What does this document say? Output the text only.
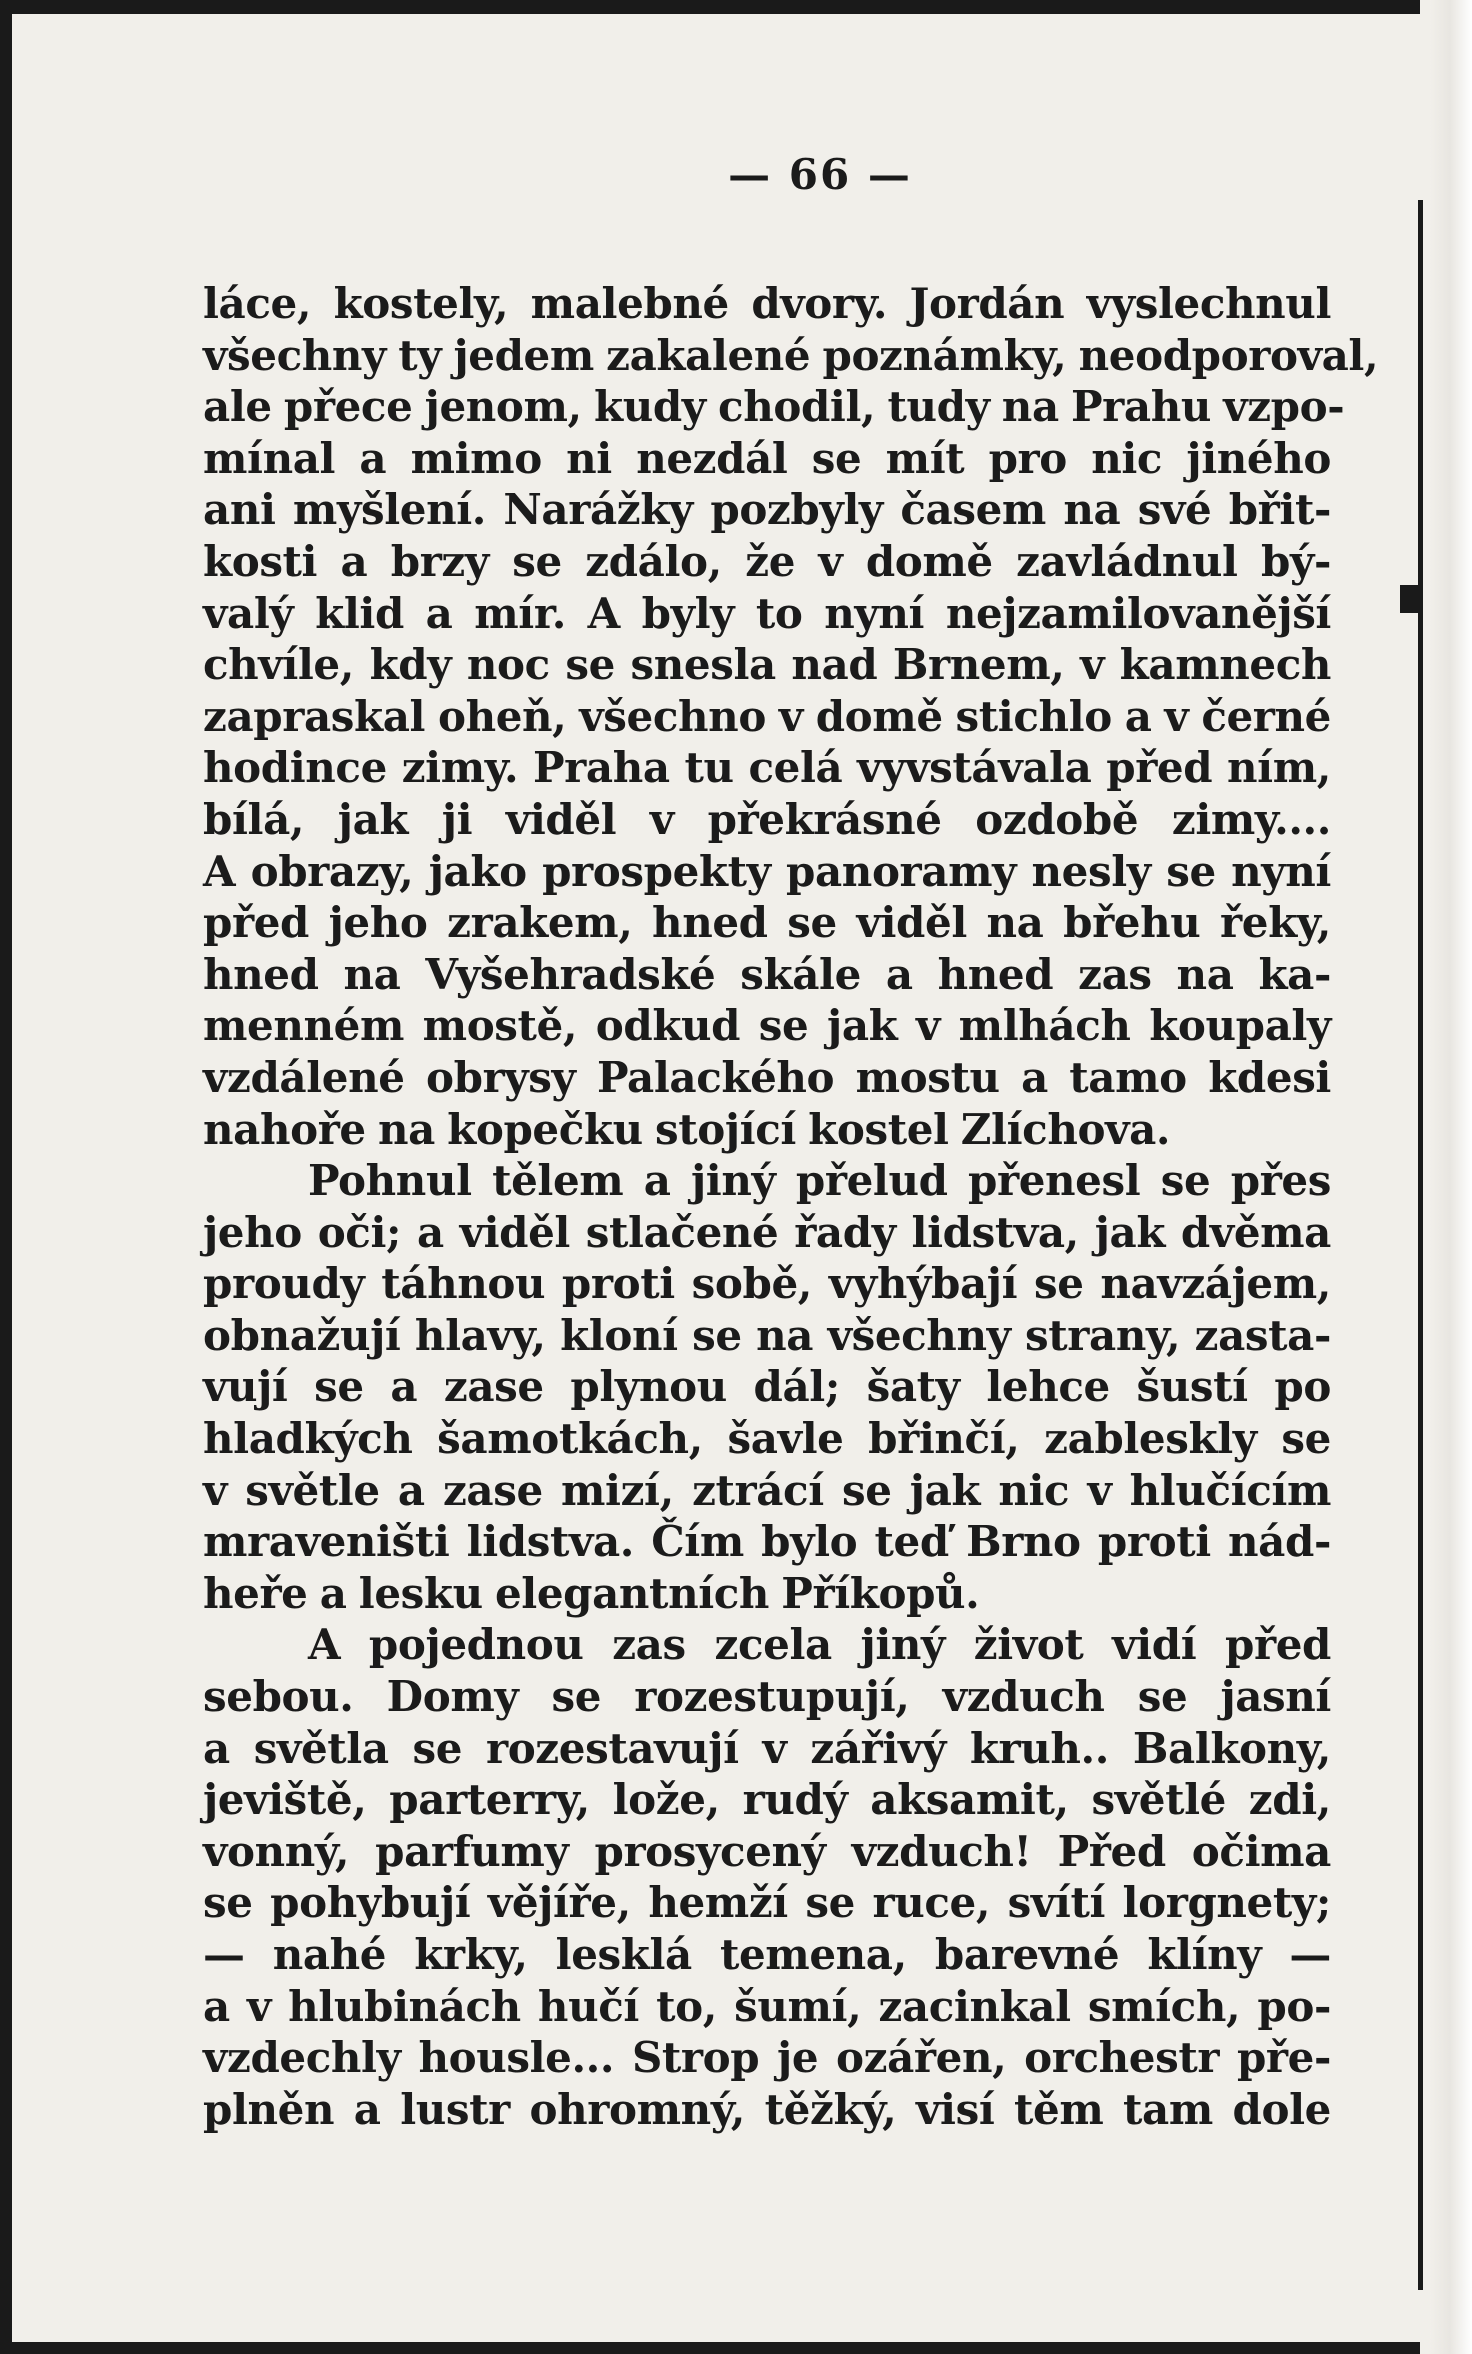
— 66 —
láce, kostely, malebné dvory. Jordán vyslechnul
všechny ty jedem zakalené poznámky, neodporoval,
ale přece jenom, kudy chodil, tudy na Prahu vzpo-
mínal a mimo ni nezdál se mít pro nic jiného
ani myšlení. Narážky pozbyly časem na své břit-
kosti a brzy se zdálo, že v domě zavládnul bý-
valý klid a mír. A byly to nyní nejzamilovanější
chvíle, kdy noc se snesla nad Brnem, v kamnech
zapraskal oheň, všechno v domě stichlo a v černé
hodince zimy. Praha tu celá vyvstávala před ním,
bílá, jak ji viděl v překrásné ozdobě zimy....
A obrazy, jako prospekty panoramy nesly se nyní
před jeho zrakem, hned se viděl na břehu řeky,
hned na Vyšehradské skále a hned zas na ka-
menném mostě, odkud se jak v mlhách koupaly
vzdálené obrysy Palackého mostu a tamo kdesi
nahoře na kopečku stojící kostel Zlíchova.
Pohnul tělem a jiný přelud přenesl se přes
jeho oči; a viděl stlačené řady lidstva, jak dvěma
proudy táhnou proti sobě, vyhýbají se navzájem,
obnažují hlavy, kloní se na všechny strany, zasta-
vují se a zase plynou dál; šaty lehce šustí po
hladkých šamotkách, šavle břinčí, zableskly se
v světle a zase mizí, ztrácí se jak nic v hlučícím
mraveništi lidstva. Čím bylo teď Brno proti nád-
heře a lesku elegantních Příkopů.
A pojednou zas zcela jiný život vidí před
sebou. Domy se rozestupují, vzduch se jasní
a světla se rozestavují v zářivý kruh.. Balkony,
jeviště, parterry, lože, rudý aksamit, světlé zdi,
vonný, parfumy prosycený vzduch! Před očima
se pohybují vějíře, hemží se ruce, svítí lorgnety;
— nahé krky, lesklá temena, barevné klíny —
a v hlubinách hučí to, šumí, zacinkal smích, po-
vzdechly housle... Strop je ozářen, orchestr pře-
plněn a lustr ohromný, těžký, visí těm tam dole
